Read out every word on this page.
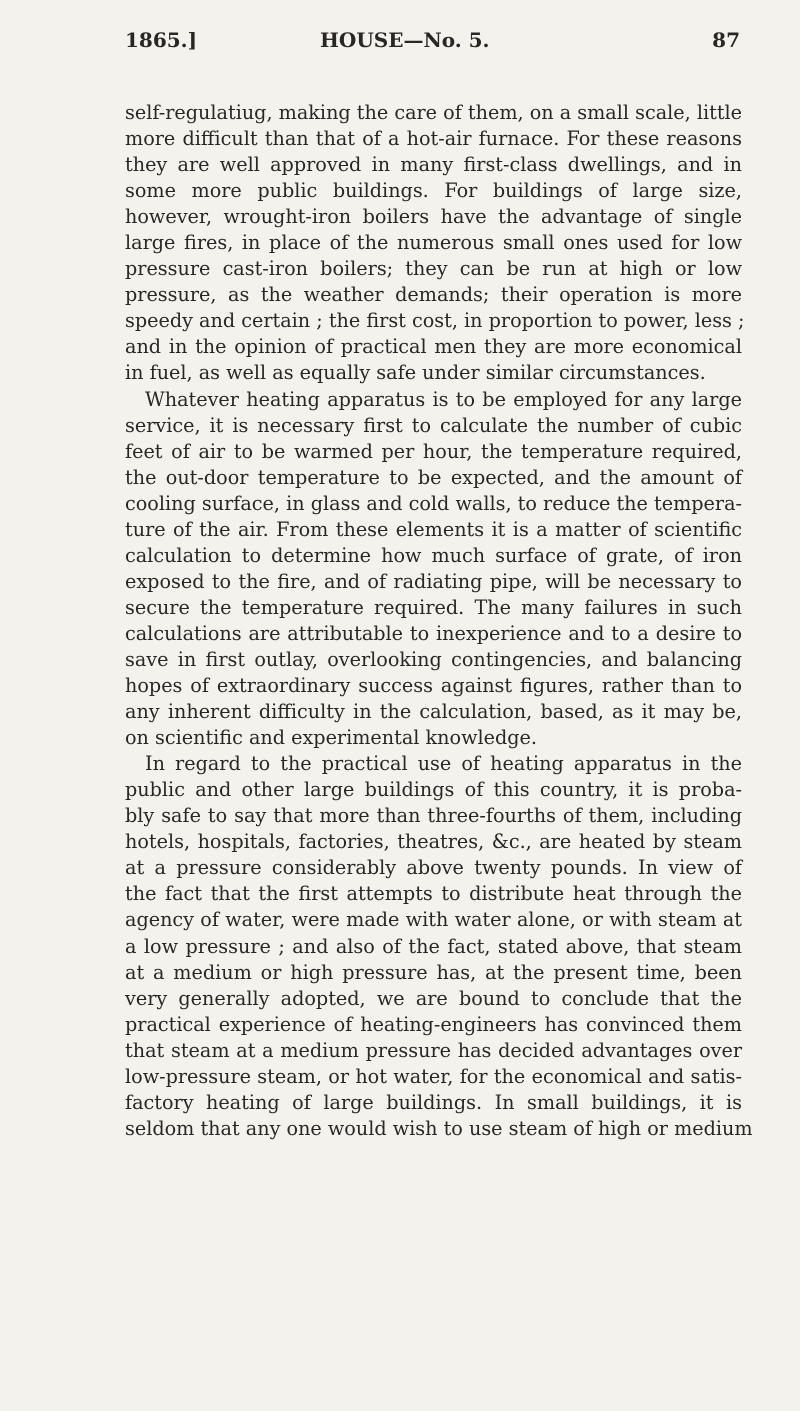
1865.]	HOUSE—No. 5.	87
self-regulatiug, making the care of them, on a small scale, little
more difficult than that of a hot-air furnace. For these reasons
they are well approved in many first-class dwellings, and in
some more public buildings. For buildings of large size,
however, wrought-iron boilers have the advantage of single
large fires, in place of the numerous small ones used for low
pressure cast-iron boilers; they can be run at high or low
pressure, as the weather demands; their operation is more
speedy and certain ; the first cost, in proportion to power, less ;
and in the opinion of practical men they are more economical
in fuel, as well as equally safe under similar circumstances.
Whatever heating apparatus is to be employed for any large
service, it is necessary first to calculate the number of cubic
feet of air to be warmed per hour, the temperature required,
the out-door temperature to be expected, and the amount of
cooling surface, in glass and cold walls, to reduce the tempera-
ture of the air. From these elements it is a matter of scientific
calculation to determine how much surface of grate, of iron
exposed to the fire, and of radiating pipe, will be necessary to
secure the temperature required. The many failures in such
calculations are attributable to inexperience and to a desire to
save in first outlay, overlooking contingencies, and balancing
hopes of extraordinary success against figures, rather than to
any inherent difficulty in the calculation, based, as it may be,
on scientific and experimental knowledge.
In regard to the practical use of heating apparatus in the
public and other large buildings of this country, it is proba-
bly safe to say that more than three-fourths of them, including
hotels, hospitals, factories, theatres, &c., are heated by steam
at a pressure considerably above twenty pounds. In view of
the fact that the first attempts to distribute heat through the
agency of water, were made with water alone, or with steam at
a low pressure ; and also of the fact, stated above, that steam
at a medium or high pressure has, at the present time, been
very generally adopted, we are bound to conclude that the
practical experience of heating-engineers has convinced them
that steam at a medium pressure has decided advantages over
low-pressure steam, or hot water, for the economical and satis-
factory heating of large buildings. In small buildings, it is
seldom that any one would wish to use steam of high or medium
